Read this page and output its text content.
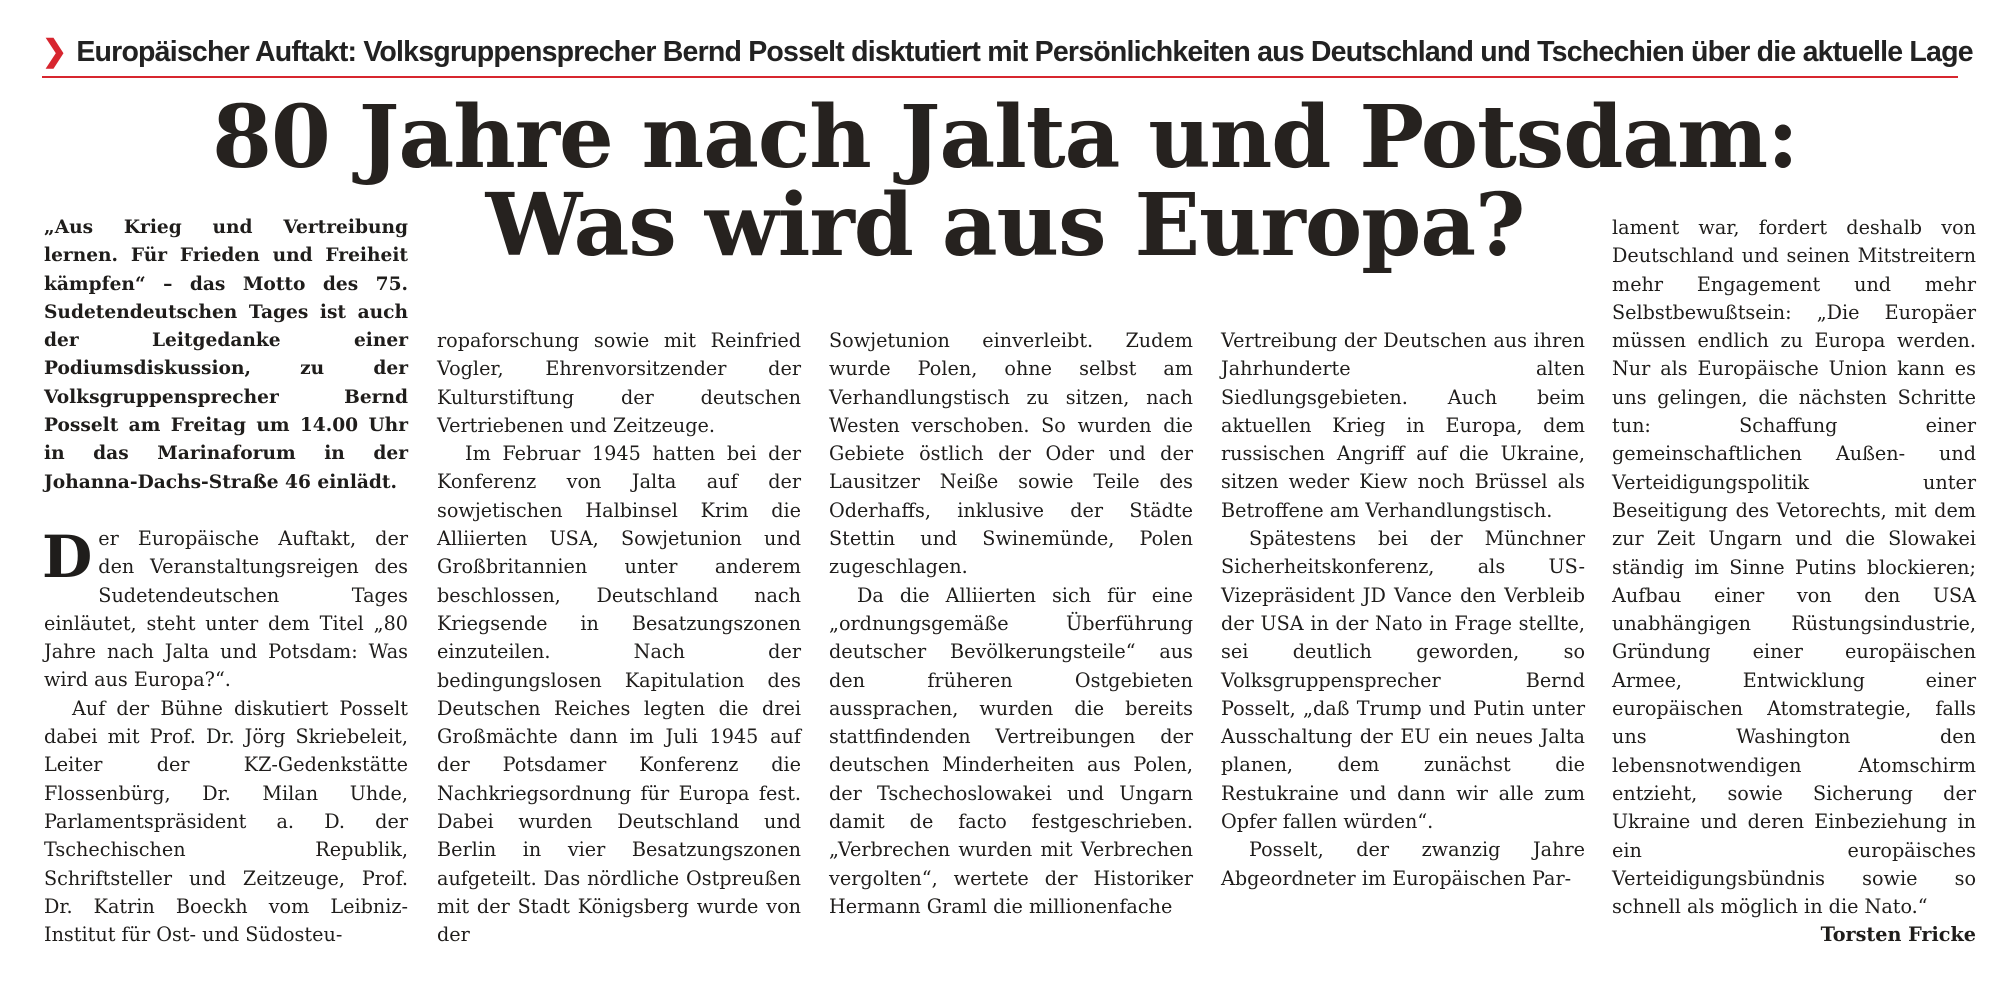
❯ Europäischer Auftakt: Volksgruppensprecher Bernd Posselt disktutiert mit Persönlichkeiten aus Deutschland und Tschechien über die aktuelle Lage
80 Jahre nach Jalta und Potsdam:
Was wird aus Europa?
„Aus Krieg und Vertreibung lernen. Für Frieden und Freiheit kämpfen“ – das Motto des 75. Sudetendeutschen Tages ist auch der Leitgedanke einer Podiumsdiskussion, zu der Volksgruppensprecher Bernd Posselt am Freitag um 14.00 Uhr in das Marinaforum in der Johanna-Dachs-Straße 46 einlädt.

Der Europäische Auftakt, der den Veranstaltungsreigen des Sudetendeutschen Tages einläutet, steht unter dem Titel „80 Jahre nach Jalta und Potsdam: Was wird aus Europa?“.

Auf der Bühne diskutiert Posselt dabei mit Prof. Dr. Jörg Skriebeleit, Leiter der KZ-Gedenkstätte Flossenbürg, Dr. Milan Uhde, Parlamentspräsident a. D. der Tschechischen Republik, Schriftsteller und Zeitzeuge, Prof. Dr. Katrin Boeckh vom Leibniz-Institut für Ost- und Südosteu-

ropaforschung sowie mit Reinfried Vogler, Ehrenvorsitzender der Kulturstiftung der deutschen Vertriebenen und Zeitzeuge.

Im Februar 1945 hatten bei der Konferenz von Jalta auf der sowjetischen Halbinsel Krim die Alliierten USA, Sowjetunion und Großbritannien unter anderem beschlossen, Deutschland nach Kriegsende in Besatzungszonen einzuteilen. Nach der bedingungslosen Kapitulation des Deutschen Reiches legten die drei Großmächte dann im Juli 1945 auf der Potsdamer Konferenz die Nachkriegsordnung für Europa fest. Dabei wurden Deutschland und Berlin in vier Besatzungszonen aufgeteilt. Das nördliche Ostpreußen mit der Stadt Königsberg wurde von der

Sowjetunion einverleibt. Zudem wurde Polen, ohne selbst am Verhandlungstisch zu sitzen, nach Westen verschoben. So wurden die Gebiete östlich der Oder und der Lausitzer Neiße sowie Teile des Oderhaffs, inklusive der Städte Stettin und Swinemünde, Polen zugeschlagen.

Da die Alliierten sich für eine „ordnungsgemäße Überführung deutscher Bevölkerungsteile“ aus den früheren Ostgebieten aussprachen, wurden die bereits stattfindenden Vertreibungen der deutschen Minderheiten aus Polen, der Tschechoslowakei und Ungarn damit de facto festgeschrieben. „Verbrechen wurden mit Verbrechen vergolten“, wertete der Historiker Hermann Graml die millionenfache

Vertreibung der Deutschen aus ihren Jahrhunderte alten Siedlungsgebieten. Auch beim aktuellen Krieg in Europa, dem russischen Angriff auf die Ukraine, sitzen weder Kiew noch Brüssel als Betroffene am Verhandlungstisch.

Spätestens bei der Münchner Sicherheitskonferenz, als US-Vizepräsident JD Vance den Verbleib der USA in der Nato in Frage stellte, sei deutlich geworden, so Volksgruppensprecher Bernd Posselt, „daß Trump und Putin unter Ausschaltung der EU ein neues Jalta planen, dem zunächst die Restukraine und dann wir alle zum Opfer fallen würden“.

Posselt, der zwanzig Jahre Abgeordneter im Europäischen Par-

lament war, fordert deshalb von Deutschland und seinen Mitstreitern mehr Engagement und mehr Selbstbewußtsein: „Die Europäer müssen endlich zu Europa werden. Nur als Europäische Union kann es uns gelingen, die nächsten Schritte tun: Schaffung einer gemeinschaftlichen Außen- und Verteidigungspolitik unter Beseitigung des Vetorechts, mit dem zur Zeit Ungarn und die Slowakei ständig im Sinne Putins blockieren; Aufbau einer von den USA unabhängigen Rüstungsindustrie, Gründung einer europäischen Armee, Entwicklung einer europäischen Atomstrategie, falls uns Washington den lebensnotwendigen Atomschirm entzieht, sowie Sicherung der Ukraine und deren Einbeziehung in ein europäisches Verteidigungsbündnis sowie so schnell als möglich in die Nato.“
Torsten Fricke
